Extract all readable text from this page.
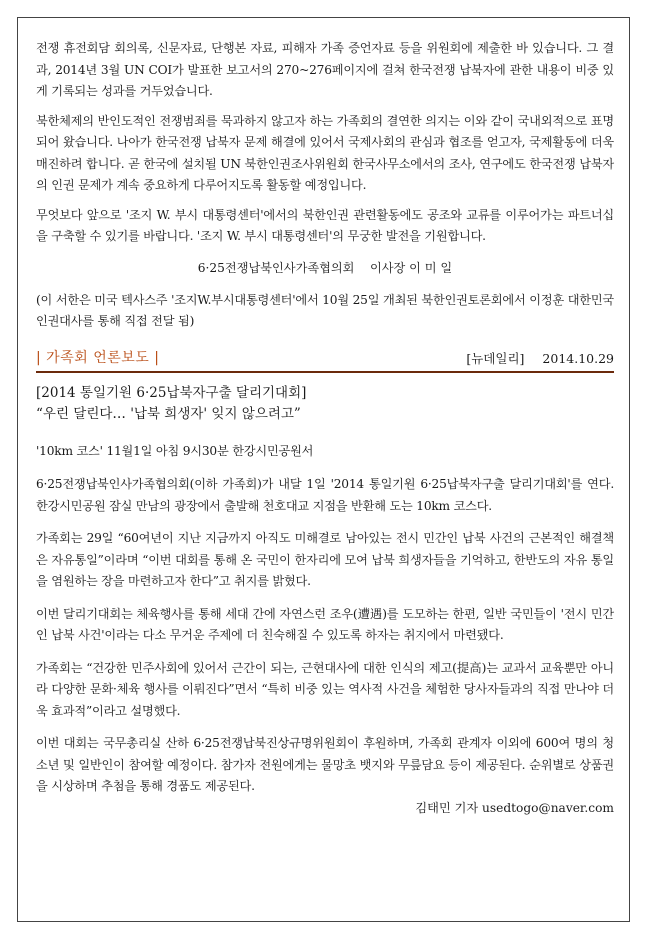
전쟁 휴전회담 회의록, 신문자료, 단행본 자료, 피해자 가족 증언자료 등을 위원회에 제출한 바 있습니다. 그 결과, 2014년 3월 UN COI가 발표한 보고서의 270~276페이지에 걸쳐 한국전쟁 납북자에 관한 내용이 비중 있게 기록되는 성과를 거두었습니다.

북한체제의 반인도적인 전쟁범죄를 묵과하지 않고자 하는 가족회의 결연한 의지는 이와 같이 국내외적으로 표명되어 왔습니다. 나아가 한국전쟁 납북자 문제 해결에 있어서 국제사회의 관심과 협조를 얻고자, 국제활동에 더욱 매진하려 합니다. 곧 한국에 설치될 UN 북한인권조사위원회 한국사무소에서의 조사, 연구에도 한국전쟁 납북자의 인권 문제가 계속 중요하게 다루어지도록 활동할 예정입니다.

무엇보다 앞으로 '조지 W. 부시 대통령센터'에서의 북한인권 관련활동에도 공조와 교류를 이루어가는 파트너십을 구축할 수 있기를 바랍니다. '조지 W. 부시 대통령센터'의 무궁한 발전을 기원합니다.

6·25전쟁납북인사가족협의회 이사장 이 미 일

(이 서한은 미국 텍사스주 '조지W.부시대통령센터'에서 10월 25일 개최된 북한인권토론회에서 이정훈 대한민국인권대사를 통해 직접 전달 됨)

| 가족회 언론보도 |	[뉴데일리] 2014.10.29
[2014 통일기원 6·25납북자구출 달리기대회]
“우린 달린다… '납북 희생자' 잊지 않으려고”

'10km 코스' 11월1일 아침 9시30분 한강시민공원서

6·25전쟁납북인사가족협의회(이하 가족회)가 내달 1일 '2014 통일기원 6·25납북자구출 달리기대회'를 연다. 한강시민공원 잠실 만남의 광장에서 출발해 천호대교 지점을 반환해 도는 10km 코스다.

가족회는 29일 “60여년이 지난 지금까지 아직도 미해결로 남아있는 전시 민간인 납북 사건의 근본적인 해결책은 자유통일”이라며 “이번 대회를 통해 온 국민이 한자리에 모여 납북 희생자들을 기억하고, 한반도의 자유 통일을 염원하는 장을 마련하고자 한다”고 취지를 밝혔다.

이번 달리기대회는 체육행사를 통해 세대 간에 자연스런 조우(遭遇)를 도모하는 한편, 일반 국민들이 '전시 민간인 납북 사건'이라는 다소 무거운 주제에 더 친숙해질 수 있도록 하자는 취지에서 마련됐다.

가족회는 “건강한 민주사회에 있어서 근간이 되는, 근현대사에 대한 인식의 제고(提高)는 교과서 교육뿐만 아니라 다양한 문화·체육 행사를 이뤄진다”면서 “특히 비중 있는 역사적 사건을 체험한 당사자들과의 직접 만나야 더욱 효과적”이라고 설명했다.

이번 대회는 국무총리실 산하 6·25전쟁납북진상규명위원회이 후원하며, 가족회 관계자 이외에 600여 명의 청소년 및 일반인이 참여할 예정이다. 참가자 전원에게는 물망초 뱃지와 무릎담요 등이 제공된다. 순위별로 상품권을 시상하며 추첨을 통해 경품도 제공된다.

김태민 기자 usedtogo@naver.com
